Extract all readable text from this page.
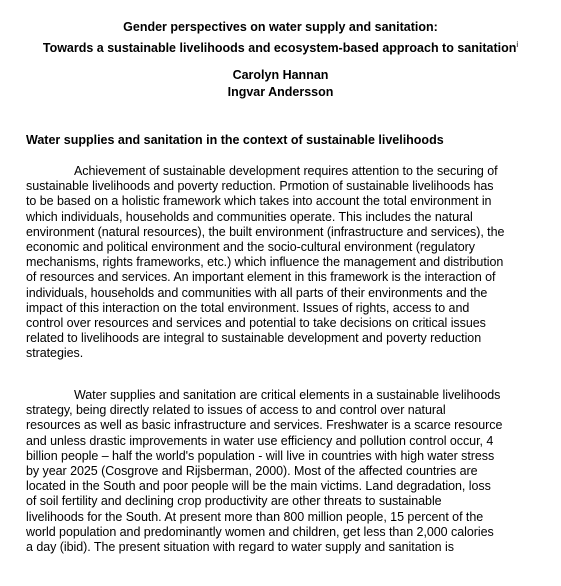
Gender perspectives on water supply and sanitation:
Towards a sustainable livelihoods and ecosystem-based approach to sanitation$^i$
Carolyn Hannan
Ingvar Andersson
Water supplies and sanitation in the context of sustainable livelihoods
Achievement of sustainable development requires attention to the securing of
sustainable livelihoods and poverty reduction. Prmotion of sustainable livelihoods has
to be based on a holistic framework which takes into account the total environment in
which individuals, households and communities operate. This includes the natural
environment (natural resources), the built environment (infrastructure and services), the
economic and political environment and the socio-cultural environment (regulatory
mechanisms, rights frameworks, etc.) which influence the management and distribution
of resources and services. An important element in this framework is the interaction of
individuals, households and communities with all parts of their environments and the
impact of this interaction on the total environment. Issues of rights, access to and
control over resources and services and potential to take decisions on critical issues
related to livelihoods are integral to sustainable development and poverty reduction
strategies.
Water supplies and sanitation are critical elements in a sustainable livelihoods
strategy, being directly related to issues of access to and control over natural
resources as well as basic infrastructure and services. Freshwater is a scarce resource
and unless drastic improvements in water use efficiency and pollution control occur, 4
billion people – half the world's population - will live in countries with high water stress
by year 2025 (Cosgrove and Rijsberman, 2000). Most of the affected countries are
located in the South and poor people will be the main victims. Land degradation, loss
of soil fertility and declining crop productivity are other threats to sustainable
livelihoods for the South. At present more than 800 million people, 15 percent of the
world population and predominantly women and children, get less than 2,000 calories
a day (ibid). The present situation with regard to water supply and sanitation is
